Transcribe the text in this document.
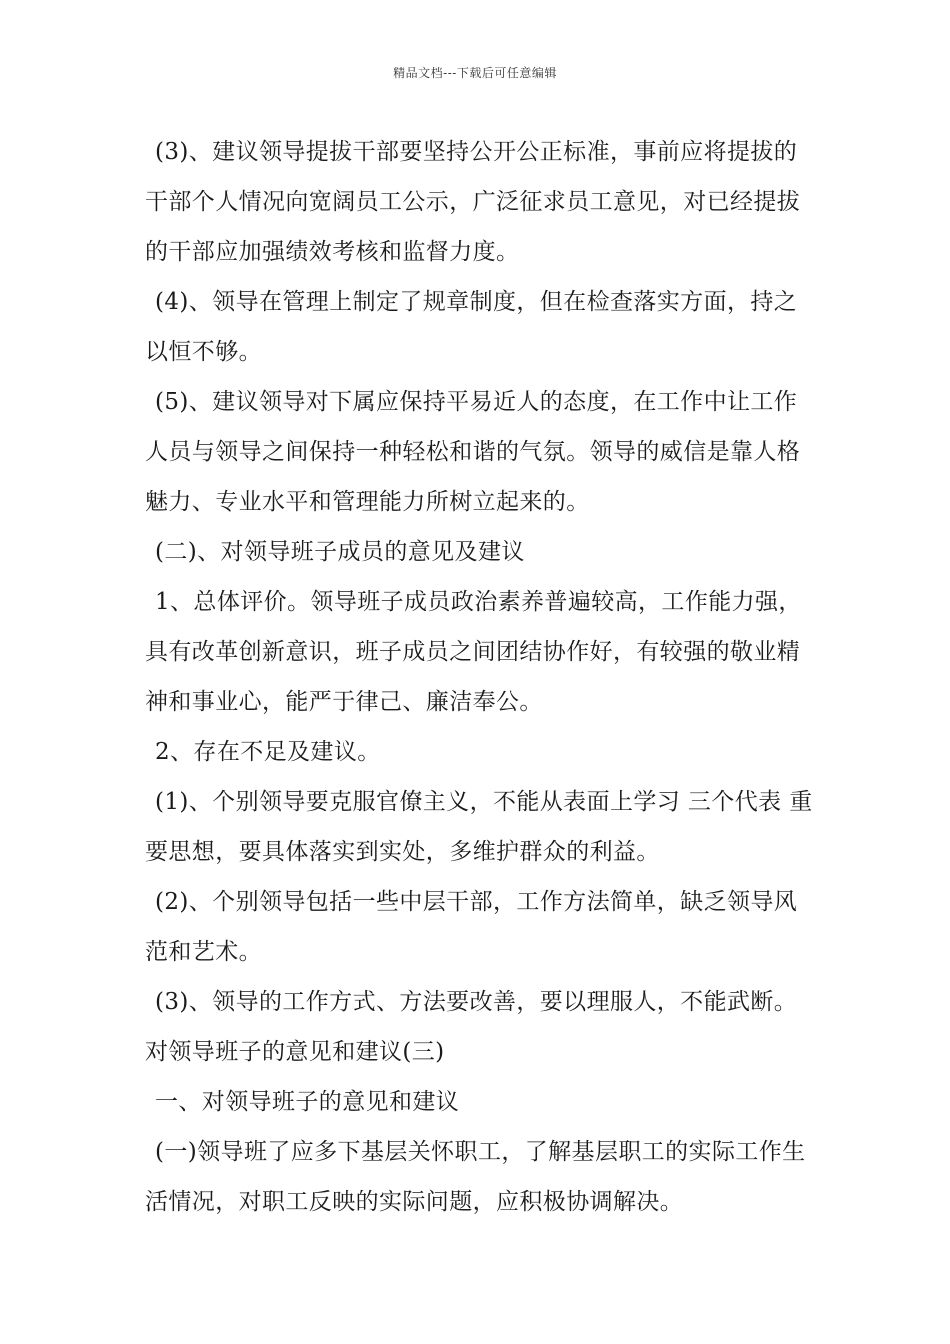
精品文档---下载后可任意编辑

(3)、建议领导提拔干部要坚持公开公正标准，事前应将提拔的干部个人情况向宽阔员工公示，广泛征求员工意见，对已经提拔的干部应加强绩效考核和监督力度。

(4)、领导在管理上制定了规章制度，但在检查落实方面，持之以恒不够。

(5)、建议领导对下属应保持平易近人的态度，在工作中让工作人员与领导之间保持一种轻松和谐的气氛。领导的威信是靠人格魅力、专业水平和管理能力所树立起来的。

(二)、对领导班子成员的意见及建议

1、总体评价。领导班子成员政治素养普遍较高，工作能力强，具有改革创新意识，班子成员之间团结协作好，有较强的敬业精神和事业心，能严于律己、廉洁奉公。

2、存在不足及建议。

(1)、个别领导要克服官僚主义，不能从表面上学习 三个代表 重要思想，要具体落实到实处，多维护群众的利益。

(2)、个别领导包括一些中层干部，工作方法简单，缺乏领导风范和艺术。

(3)、领导的工作方式、方法要改善，要以理服人，不能武断。

对领导班子的意见和建议(三)

一、对领导班子的意见和建议

(一)领导班了应多下基层关怀职工，了解基层职工的实际工作生活情况，对职工反映的实际问题，应积极协调解决。
